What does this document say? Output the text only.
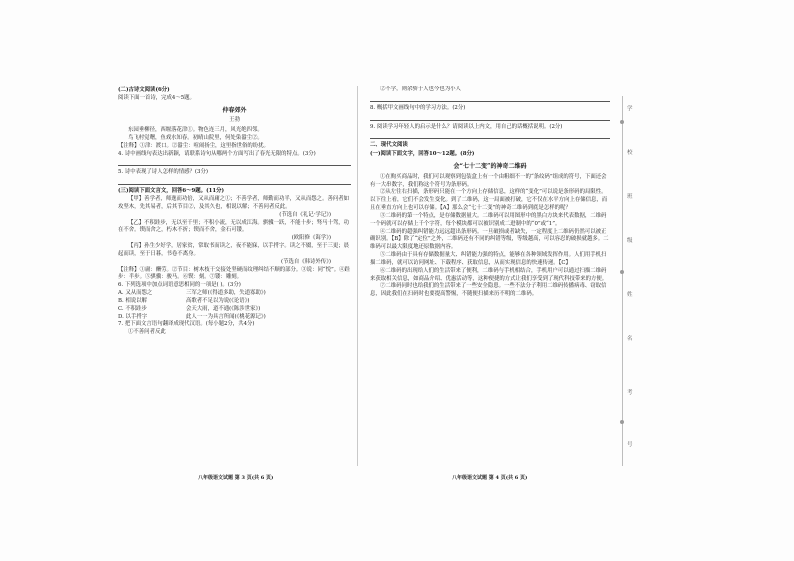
(二)古诗文阅读(6分)

阅读下面一首诗，完成4～5题。

仲春郊外

王勃

东园垂柳径，西堰落花津①。物色连三月，风光绝四邻。

鸟飞村觉曙，鱼戏水知春。初晴山院里，何处染嚣尘②。

【注释】①津：渡口。②嚣尘：喧闹扬尘，这里指世俗的纷扰。

4. 诗中画线句表达出新颖，请联系诗句从哪两个方面写出了春光无限的特点。(3分)

5. 诗中表现了诗人怎样的情感？(3分)

(三)阅读下面文言文，回答6～9题。(11分)

【甲】善学者，师逸而功倍，又从而庸之①；不善学者，师勤而功半，又从而怨之。善问者如攻坚木，先其易者，后其节目②，及其久也，相说以解；不善问者反此。

(节选自《礼记·学记》)

【乙】不积跬步，无以至千里；不积小流，无以成江海。骐骥一跃，不能十步；驽马十驾，功在不舍。锲而舍之，朽木不折；锲而不舍，金石可镂。

(欧阳修《诲学》)

【丙】孙生少好学，居家贫，常取书而读之，夜不能寐，以手捋字。读之不辍，至于三更；晨起而读，至于日暮，书卷不离身。

(节选自《韩诗外传》)

【注释】①庸：酬劳。②节目：树木枝干交接处坚硬而纹理纠结不顺的部分。③说：同“悦”。④跬步：半步。⑤骐骥：骏马。⑥锲：刻。⑦镂：雕刻。

6. 下列选项中加点词语意思相同的一项是( )。(3分)

A. 又从而怨之	三军之师(《得道多助，失道寡助》)
B. 相说以解	高歌者不足以为说(《论语》)
C. 不积跬步	会天大雨，道不通(《陈涉世家》)
D. 以手捋字	此人一一为具言所闻(《桃花源记》)

7. 把下面文言语句翻译成现代汉语。(每小题2分，共4分)

①不善问者反此

②不学，则余骄于人也今也为小人

8. 概括甲文画线句中的学习方法。(2分)

9. 阅读学习年轻人的启示是什么？请阅读以上内文，用自己的话概括说明。(2分)

二、现代文阅读

(一)阅读下面文字，回答10～12题。(8分)

会“七十二变”的神奇二维码

①在购买商品时，我们可以观察到包装盒上有一个由粗细不一的“条纹码”组成的符号，下面还会有一大串数字，我们称这个符号为条形码。

②从左往右扫描，条形码只能在一个方向上存储信息，这样的“变化”可以说是条形码的局限性。以下往上看，它们不会发生变化。到了二维码，这一局面被打破，它不仅在水平方向上存储信息，而且在垂直方向上也可以存储。【A】那么会“七十二变”的神奇二维码到底是怎样的呢？

③二维码的第一个特点，是存储数据量大。二维码可以用图形中的黑白方块来代表数据，二维码一个码就可以存储上千个字符，每个模块都可以被识别成二进制中的“0”或“1”。

④二维码的超强纠错能力远远超出条形码。一旦破损或者缺失，一定程度上二维码仍然可以被正确识别。【B】除了“定位”之外，二维码还有不同的纠错等级，等级越高，可以容忍的破损就越多。二维码可以最大限度地还原数据内容。

⑤二维码由于具有存储数据量大、纠错能力强的特点，能够在各种领域发挥作用。人们用手机扫描二维码，就可以访问网址、下载程序、获取信息，从而实现信息的快速传递。【C】

⑥二维码的出现给人们的生活带来了便利，二维码与手机相结合，手机用户可以通过扫描二维码来获取相关信息，如商品介绍、优惠活动等，这种便捷的方式让我们享受到了现代科技带来的方便。

⑦二维码同时也给我们的生活带来了一些安全隐患。一些不法分子利用二维码传播病毒、窃取信息，因此我们在扫码时也要提高警惕，不随便扫描来历不明的二维码。

八年级语文试题 第 3 页(共 6 页)	八年级语文试题 第 4 页(共 6 页)
学
校
班
级
姓
名
考
号
